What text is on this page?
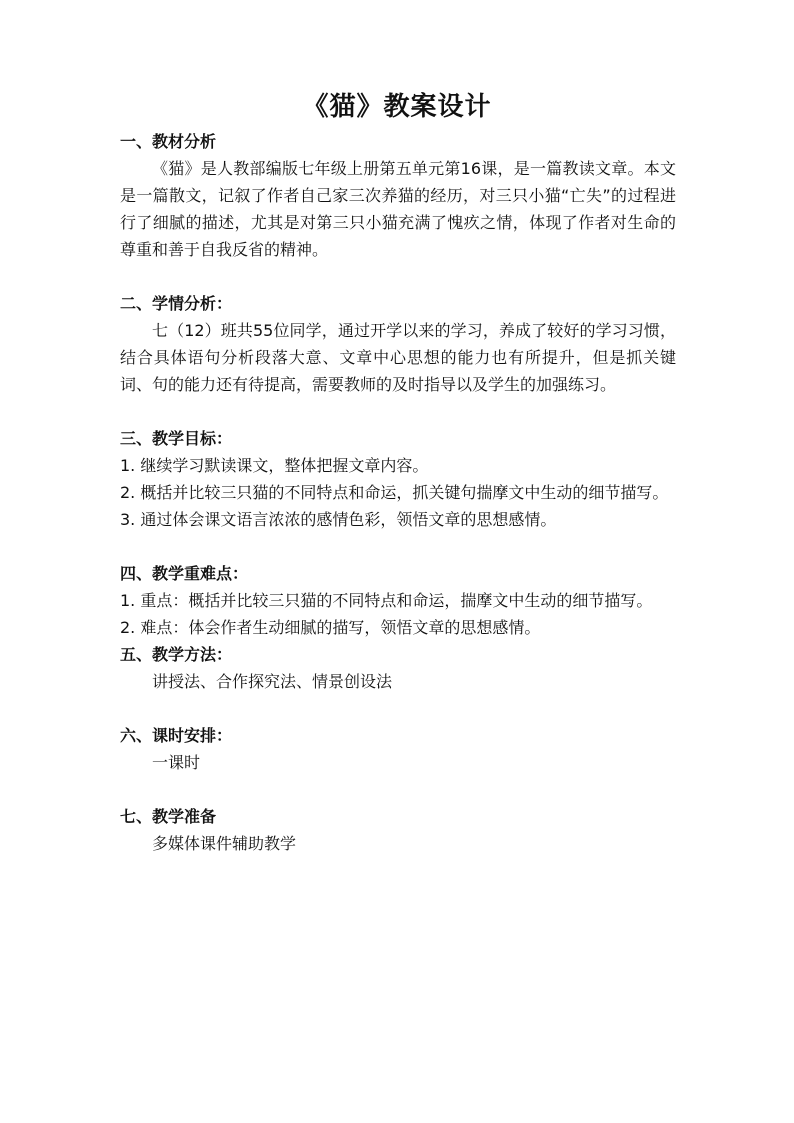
《猫》教案设计
一、教材分析
《猫》是人教部编版七年级上册第五单元第16课，是一篇教读文章。本文是一篇散文，记叙了作者自己家三次养猫的经历，对三只小猫“亡失”的过程进行了细腻的描述，尤其是对第三只小猫充满了愧疚之情，体现了作者对生命的尊重和善于自我反省的精神。
二、学情分析：
七（12）班共55位同学，通过开学以来的学习，养成了较好的学习习惯，结合具体语句分析段落大意、文章中心思想的能力也有所提升，但是抓关键词、句的能力还有待提高，需要教师的及时指导以及学生的加强练习。
三、教学目标：
1. 继续学习默读课文，整体把握文章内容。
2. 概括并比较三只猫的不同特点和命运，抓关键句揣摩文中生动的细节描写。
3. 通过体会课文语言浓浓的感情色彩，领悟文章的思想感情。
四、教学重难点：
1. 重点：概括并比较三只猫的不同特点和命运，揣摩文中生动的细节描写。
2. 难点：体会作者生动细腻的描写，领悟文章的思想感情。
五、教学方法：
讲授法、合作探究法、情景创设法
六、课时安排：
一课时
七、教学准备
多媒体课件辅助教学
